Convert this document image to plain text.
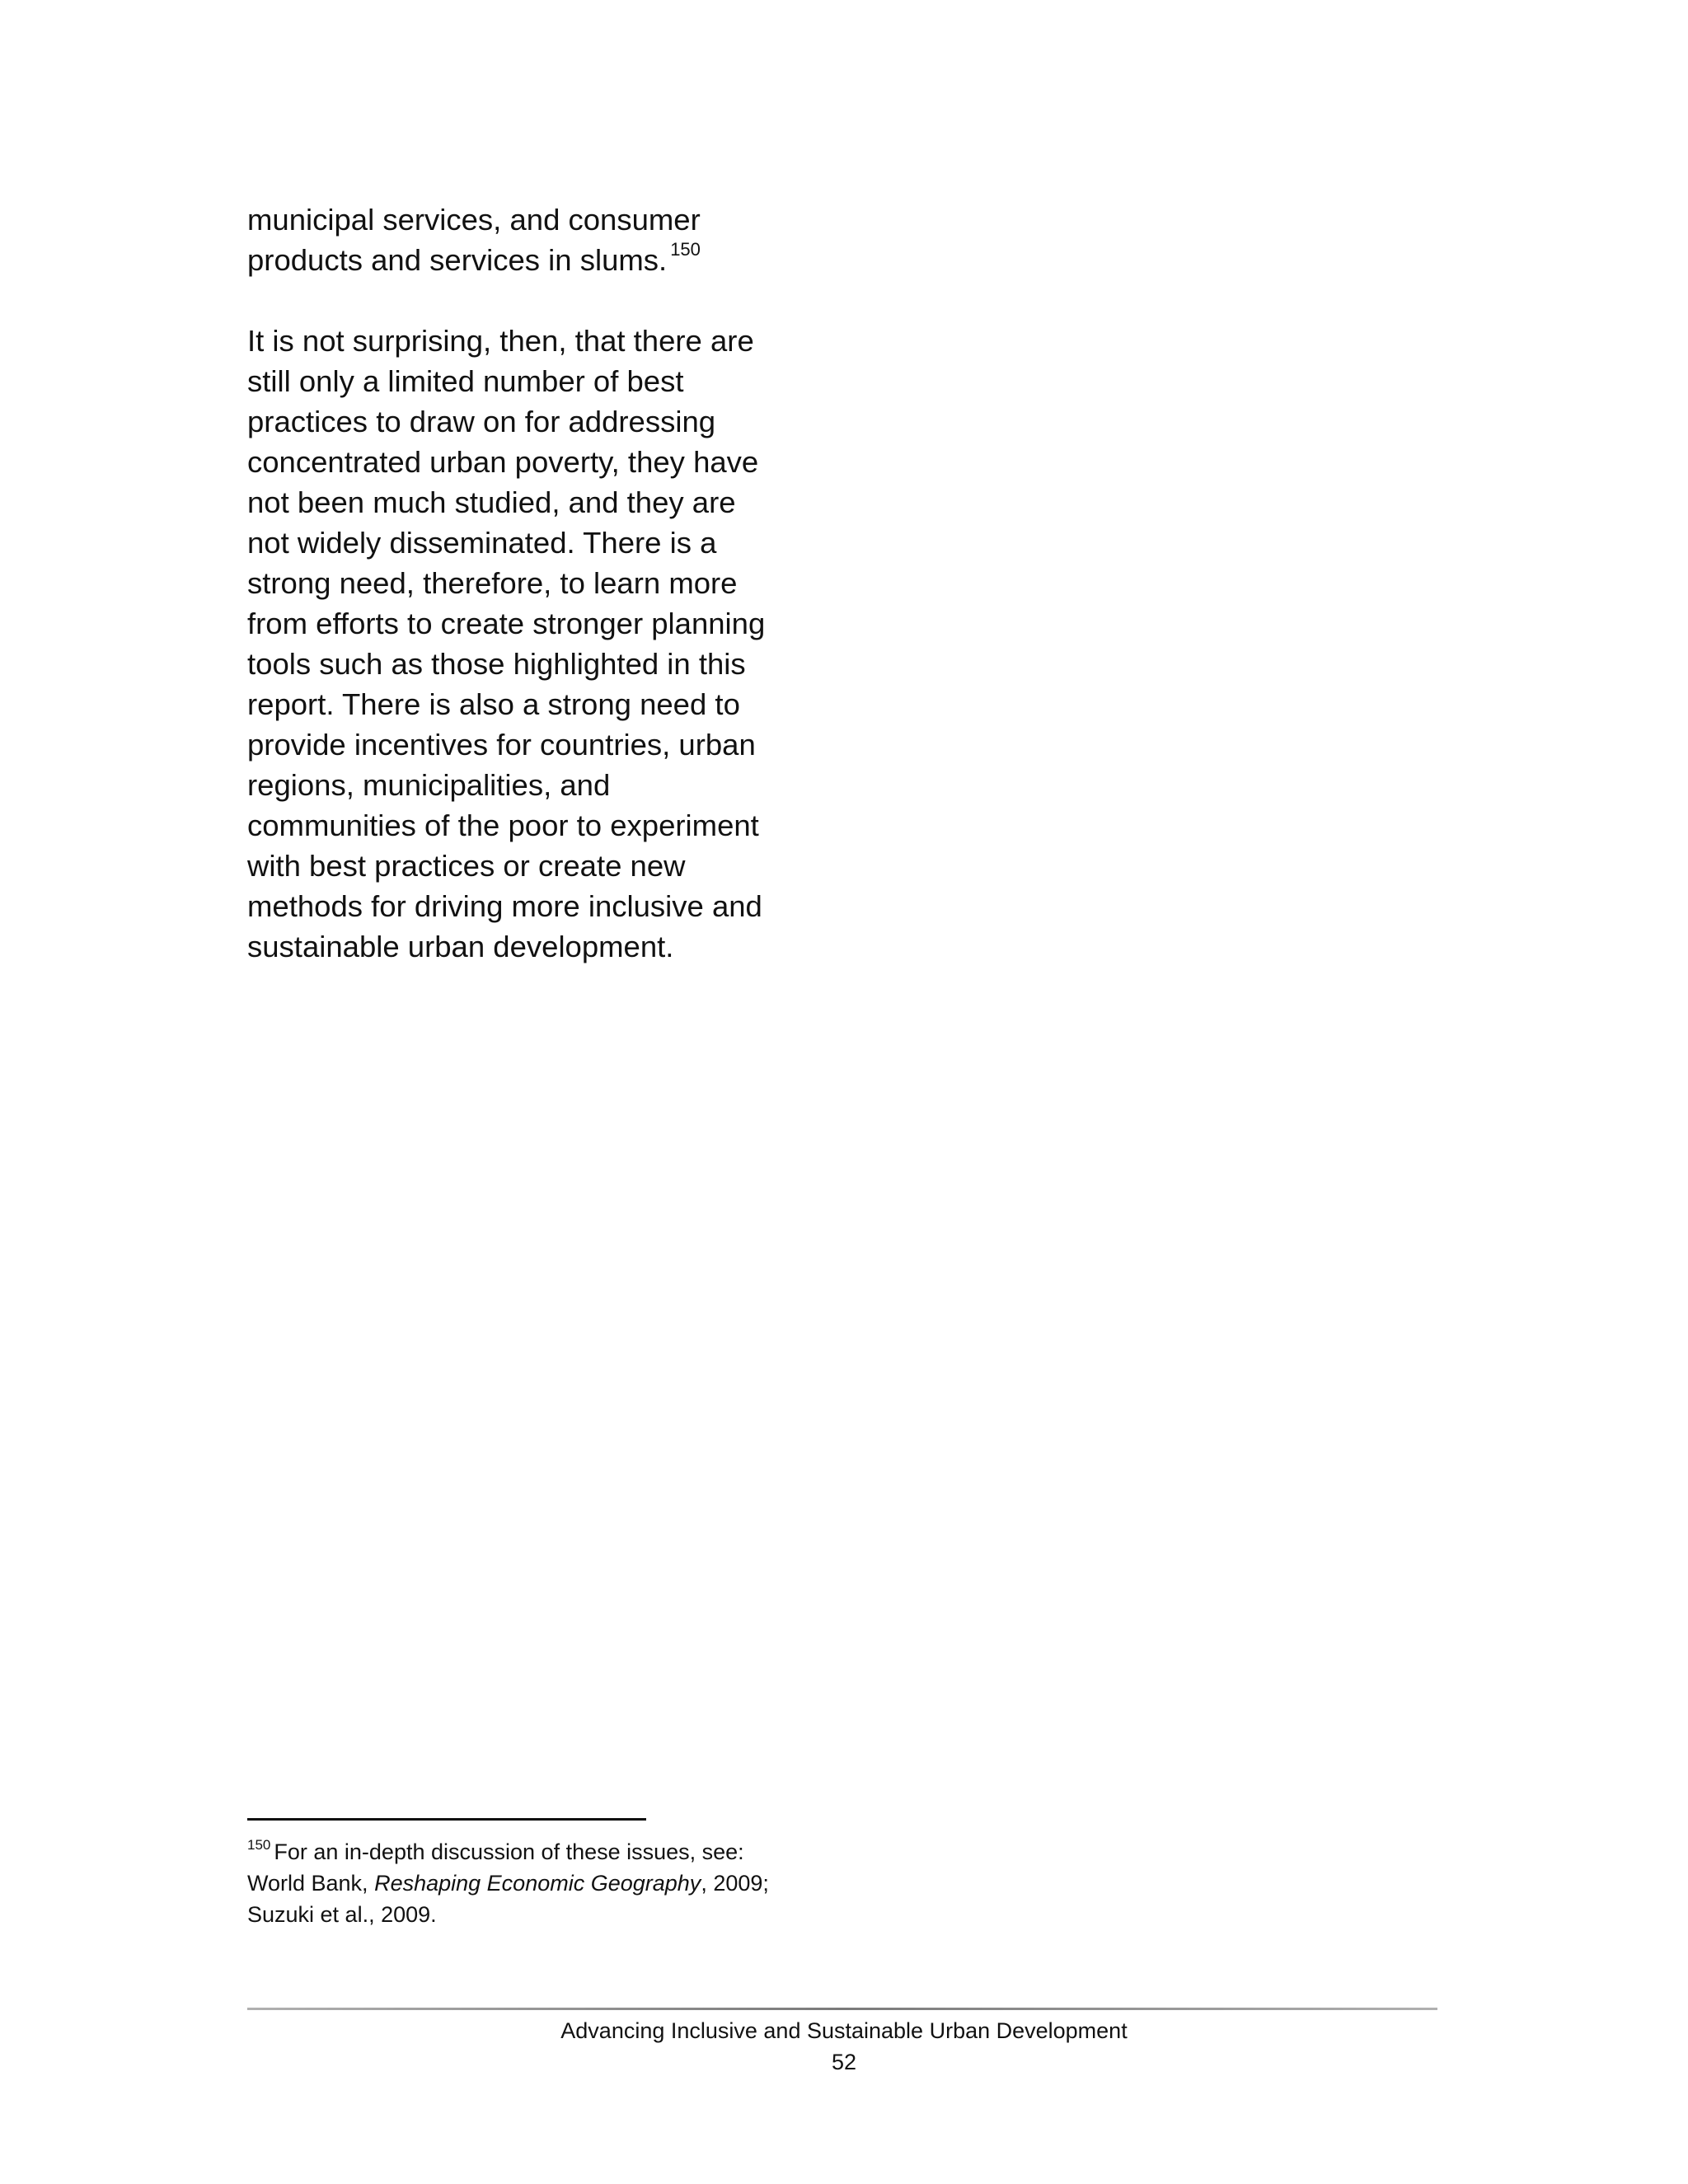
municipal services, and consumer
products and services in slums. $^{150}$

It is not surprising, then, that there are
still only a limited number of best
practices to draw on for addressing
concentrated urban poverty, they have
not been much studied, and they are
not widely disseminated. There is a
strong need, therefore, to learn more
from efforts to create stronger planning
tools such as those highlighted in this
report. There is also a strong need to
provide incentives for countries, urban
regions, municipalities, and
communities of the poor to experiment
with best practices or create new
methods for driving more inclusive and
sustainable urban development.

$^{150}$ For an in-depth discussion of these issues, see: World Bank, Reshaping Economic Geography, 2009; Suzuki et al., 2009.
Advancing Inclusive and Sustainable Urban Development
52
